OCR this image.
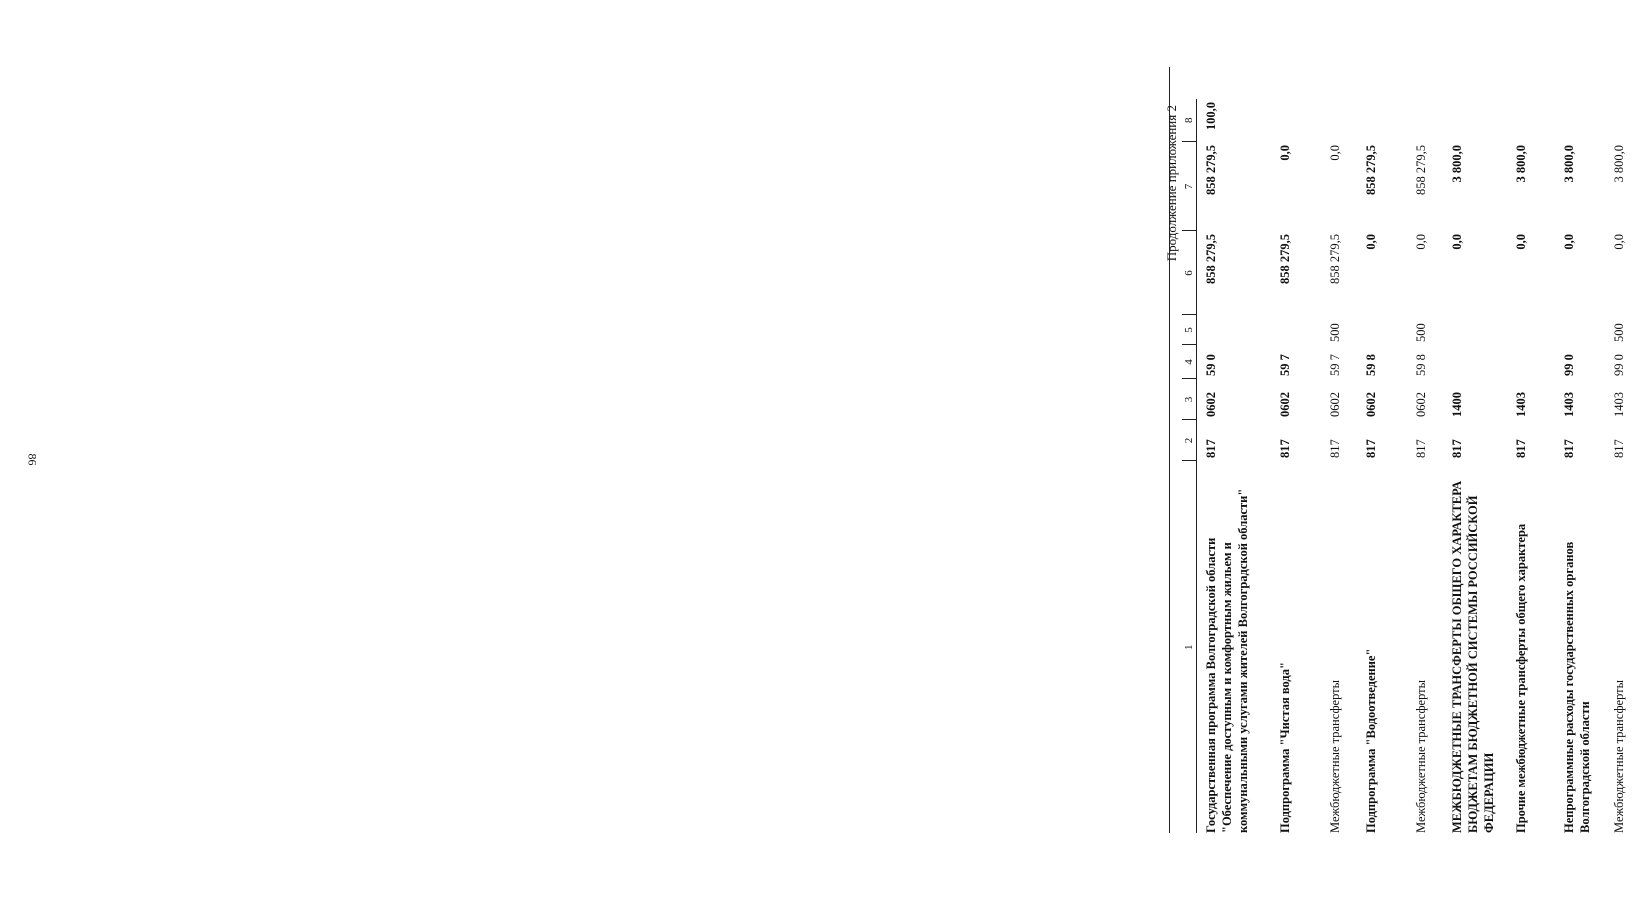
86
Продолжение приложения 2
1	2	3	4	5	6	7	8
Государственная программа Волгоградской области "Обеспечение доступным и комфортным жильем и коммунальными услугами жителей Волгоградской области"	817	0602	59 0		858 279,5	858 279,5	100,0
Подпрограмма "Чистая вода"	817	0602	59 7		858 279,5	0,0	
Межбюджетные трансферты	817	0602	59 7	500	858 279,5	0,0	
Подпрограмма "Водоотведение"	817	0602	59 8		0,0	858 279,5	
Межбюджетные трансферты	817	0602	59 8	500	0,0	858 279,5	
МЕЖБЮДЖЕТНЫЕ ТРАНСФЕРТЫ ОБЩЕГО ХАРАКТЕРА БЮДЖЕТАМ БЮДЖЕТНОЙ СИСТЕМЫ РОССИЙСКОЙ ФЕДЕРАЦИИ	817	1400			0,0	3 800,0	
Прочие межбюджетные трансферты общего характера	817	1403			0,0	3 800,0	
Непрограммные расходы государственных органов Волгоградской области	817	1403	99 0		0,0	3 800,0	
Межбюджетные трансферты	817	1403	99 0	500	0,0	3 800,0	
